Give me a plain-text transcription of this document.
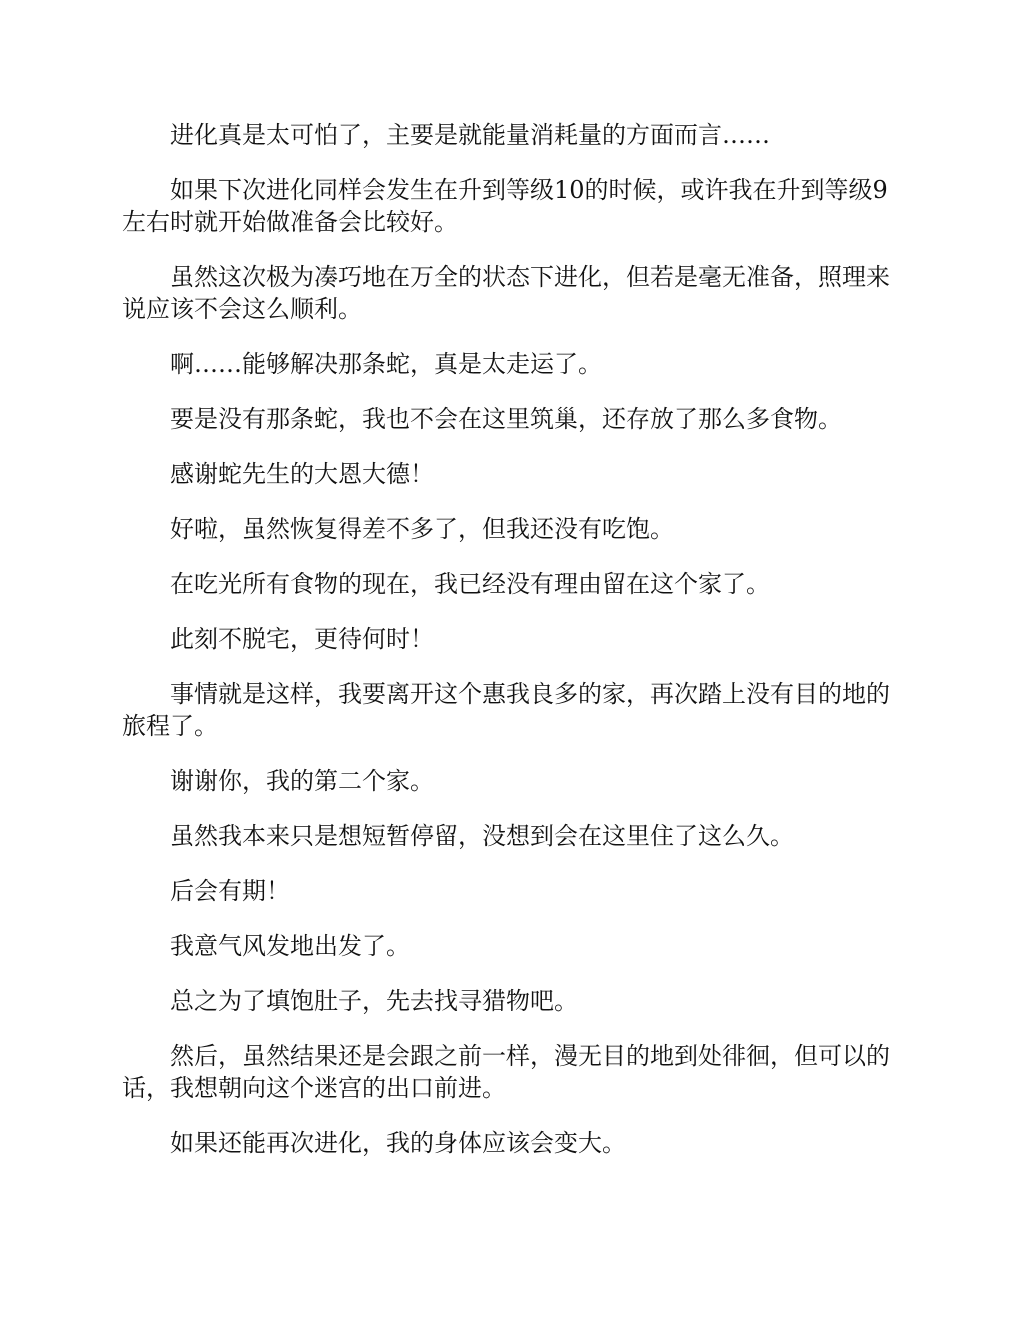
进化真是太可怕了，主要是就能量消耗量的方面而言……

如果下次进化同样会发生在升到等级10的时候，或许我在升到等级9左右时就开始做准备会比较好。

虽然这次极为凑巧地在万全的状态下进化，但若是毫无准备，照理来说应该不会这么顺利。

啊……能够解决那条蛇，真是太走运了。

要是没有那条蛇，我也不会在这里筑巢，还存放了那么多食物。

感谢蛇先生的大恩大德！

好啦，虽然恢复得差不多了，但我还没有吃饱。

在吃光所有食物的现在，我已经没有理由留在这个家了。

此刻不脱宅，更待何时！

事情就是这样，我要离开这个惠我良多的家，再次踏上没有目的地的旅程了。

谢谢你，我的第二个家。

虽然我本来只是想短暂停留，没想到会在这里住了这么久。

后会有期！

我意气风发地出发了。

总之为了填饱肚子，先去找寻猎物吧。

然后，虽然结果还是会跟之前一样，漫无目的地到处徘徊，但可以的话，我想朝向这个迷宫的出口前进。

如果还能再次进化，我的身体应该会变大。
